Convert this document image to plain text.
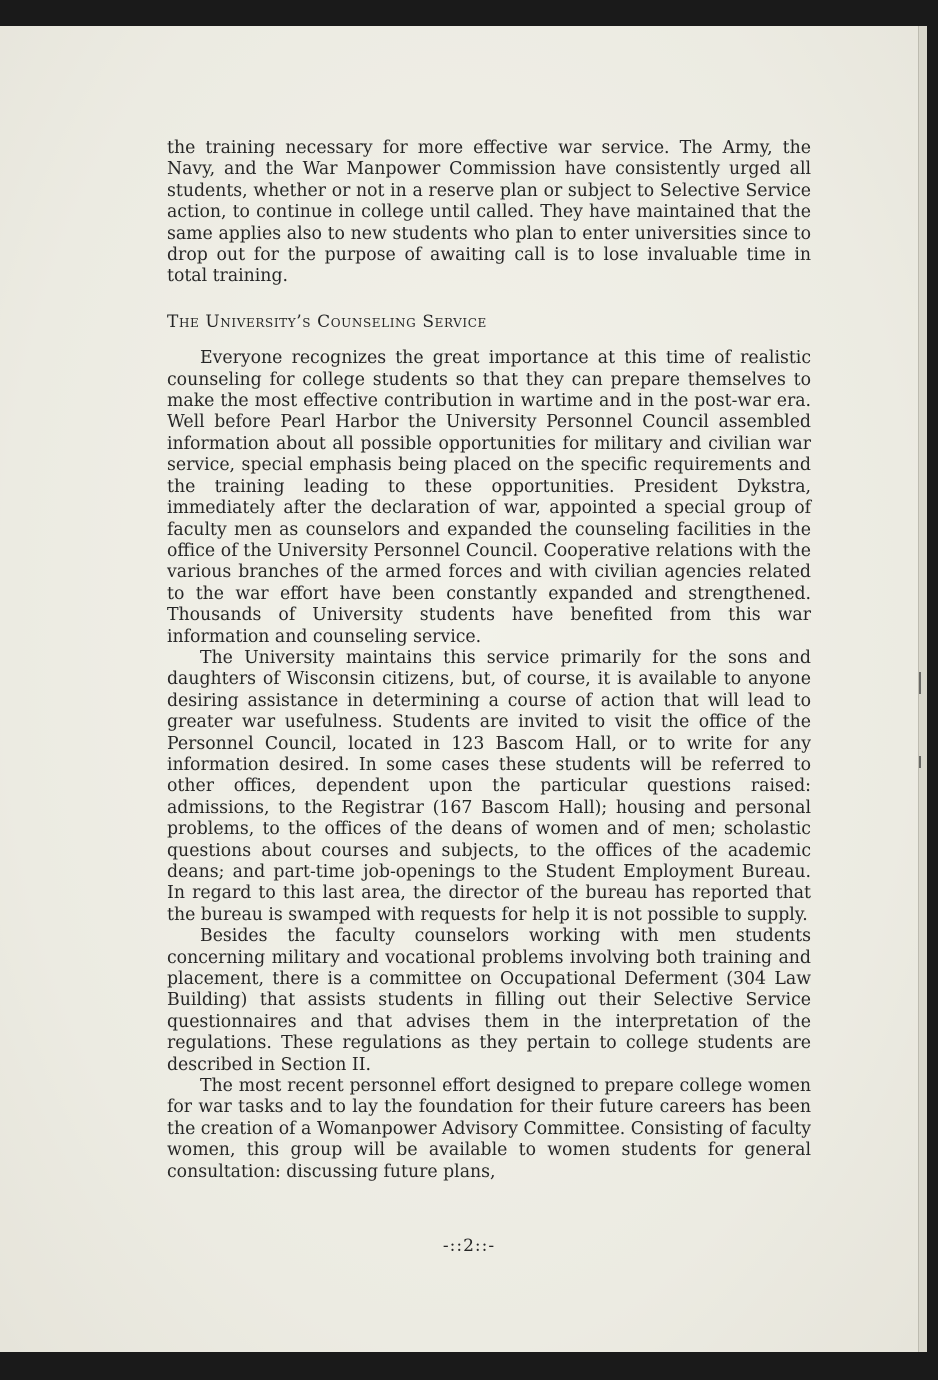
the training necessary for more effective war service. The Army, the Navy, and the War Manpower Commission have consistently urged all students, whether or not in a reserve plan or subject to Selective Service action, to continue in college until called. They have maintained that the same applies also to new students who plan to enter universities since to drop out for the purpose of awaiting call is to lose invaluable time in total training.

The University’s Counseling Service

Everyone recognizes the great importance at this time of realistic counseling for college students so that they can prepare themselves to make the most effective contribution in wartime and in the post-war era. Well before Pearl Harbor the University Personnel Council assembled information about all possible opportunities for military and civilian war service, special emphasis being placed on the specific requirements and the training leading to these opportunities. President Dykstra, immediately after the declaration of war, appointed a special group of faculty men as counselors and expanded the counseling facilities in the office of the University Personnel Council. Cooperative relations with the various branches of the armed forces and with civilian agencies related to the war effort have been constantly expanded and strengthened. Thousands of University students have benefited from this war information and counseling service.

The University maintains this service primarily for the sons and daughters of Wisconsin citizens, but, of course, it is available to anyone desiring assistance in determining a course of action that will lead to greater war usefulness. Students are invited to visit the office of the Personnel Council, located in 123 Bascom Hall, or to write for any information desired. In some cases these students will be referred to other offices, dependent upon the particular questions raised: admissions, to the Registrar (167 Bascom Hall); housing and personal problems, to the offices of the deans of women and of men; scholastic questions about courses and subjects, to the offices of the academic deans; and part-time job-openings to the Student Employment Bureau. In regard to this last area, the director of the bureau has reported that the bureau is swamped with requests for help it is not possible to supply.

Besides the faculty counselors working with men students concerning military and vocational problems involving both training and placement, there is a committee on Occupational Deferment (304 Law Building) that assists students in filling out their Selective Service questionnaires and that advises them in the interpretation of the regulations. These regulations as they pertain to college students are described in Section II.

The most recent personnel effort designed to prepare college women for war tasks and to lay the foundation for their future careers has been the creation of a Womanpower Advisory Committee. Consisting of faculty women, this group will be available to women students for general consultation: discussing future plans,

-::2::-
